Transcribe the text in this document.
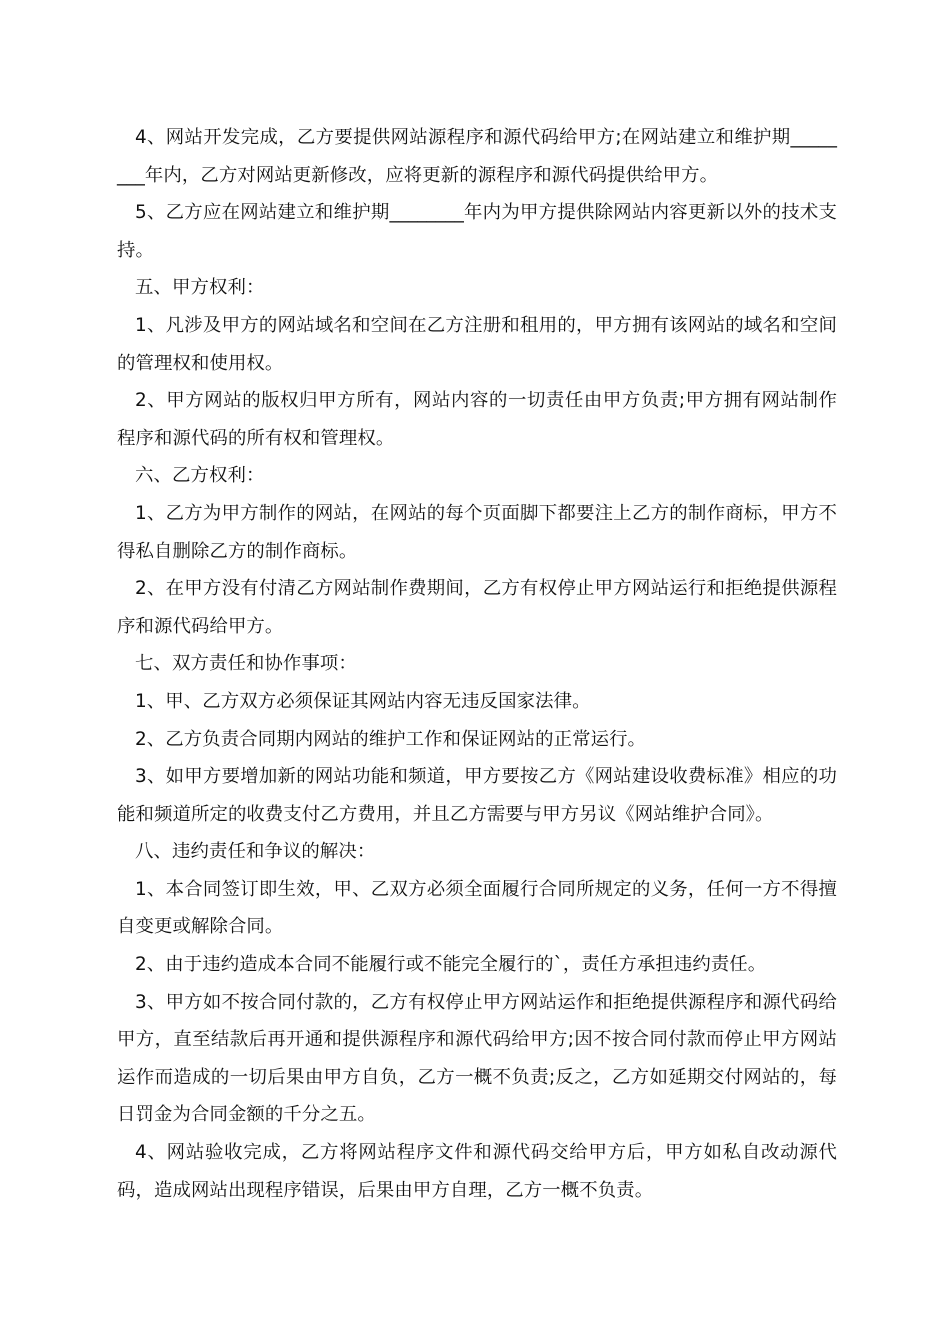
4、网站开发完成，乙方要提供网站源程序和源代码给甲方;在网站建立和维护期________年内，乙方对网站更新修改，应将更新的源程序和源代码提供给甲方。

5、乙方应在网站建立和维护期________年内为甲方提供除网站内容更新以外的技术支持。

五、甲方权利：

1、凡涉及甲方的网站域名和空间在乙方注册和租用的，甲方拥有该网站的域名和空间的管理权和使用权。

2、甲方网站的版权归甲方所有，网站内容的一切责任由甲方负责;甲方拥有网站制作程序和源代码的所有权和管理权。

六、乙方权利：

1、乙方为甲方制作的网站，在网站的每个页面脚下都要注上乙方的制作商标，甲方不得私自删除乙方的制作商标。

2、在甲方没有付清乙方网站制作费期间，乙方有权停止甲方网站运行和拒绝提供源程序和源代码给甲方。

七、双方责任和协作事项：

1、甲、乙方双方必须保证其网站内容无违反国家法律。

2、乙方负责合同期内网站的维护工作和保证网站的正常运行。

3、如甲方要增加新的网站功能和频道，甲方要按乙方《网站建设收费标准》相应的功能和频道所定的收费支付乙方费用，并且乙方需要与甲方另议《网站维护合同》。

八、违约责任和争议的解决：

1、本合同签订即生效，甲、乙双方必须全面履行合同所规定的义务，任何一方不得擅自变更或解除合同。

2、由于违约造成本合同不能履行或不能完全履行的`，责任方承担违约责任。

3、甲方如不按合同付款的，乙方有权停止甲方网站运作和拒绝提供源程序和源代码给甲方，直至结款后再开通和提供源程序和源代码给甲方;因不按合同付款而停止甲方网站运作而造成的一切后果由甲方自负，乙方一概不负责;反之，乙方如延期交付网站的，每日罚金为合同金额的千分之五。

4、网站验收完成，乙方将网站程序文件和源代码交给甲方后，甲方如私自改动源代码，造成网站出现程序错误，后果由甲方自理，乙方一概不负责。
